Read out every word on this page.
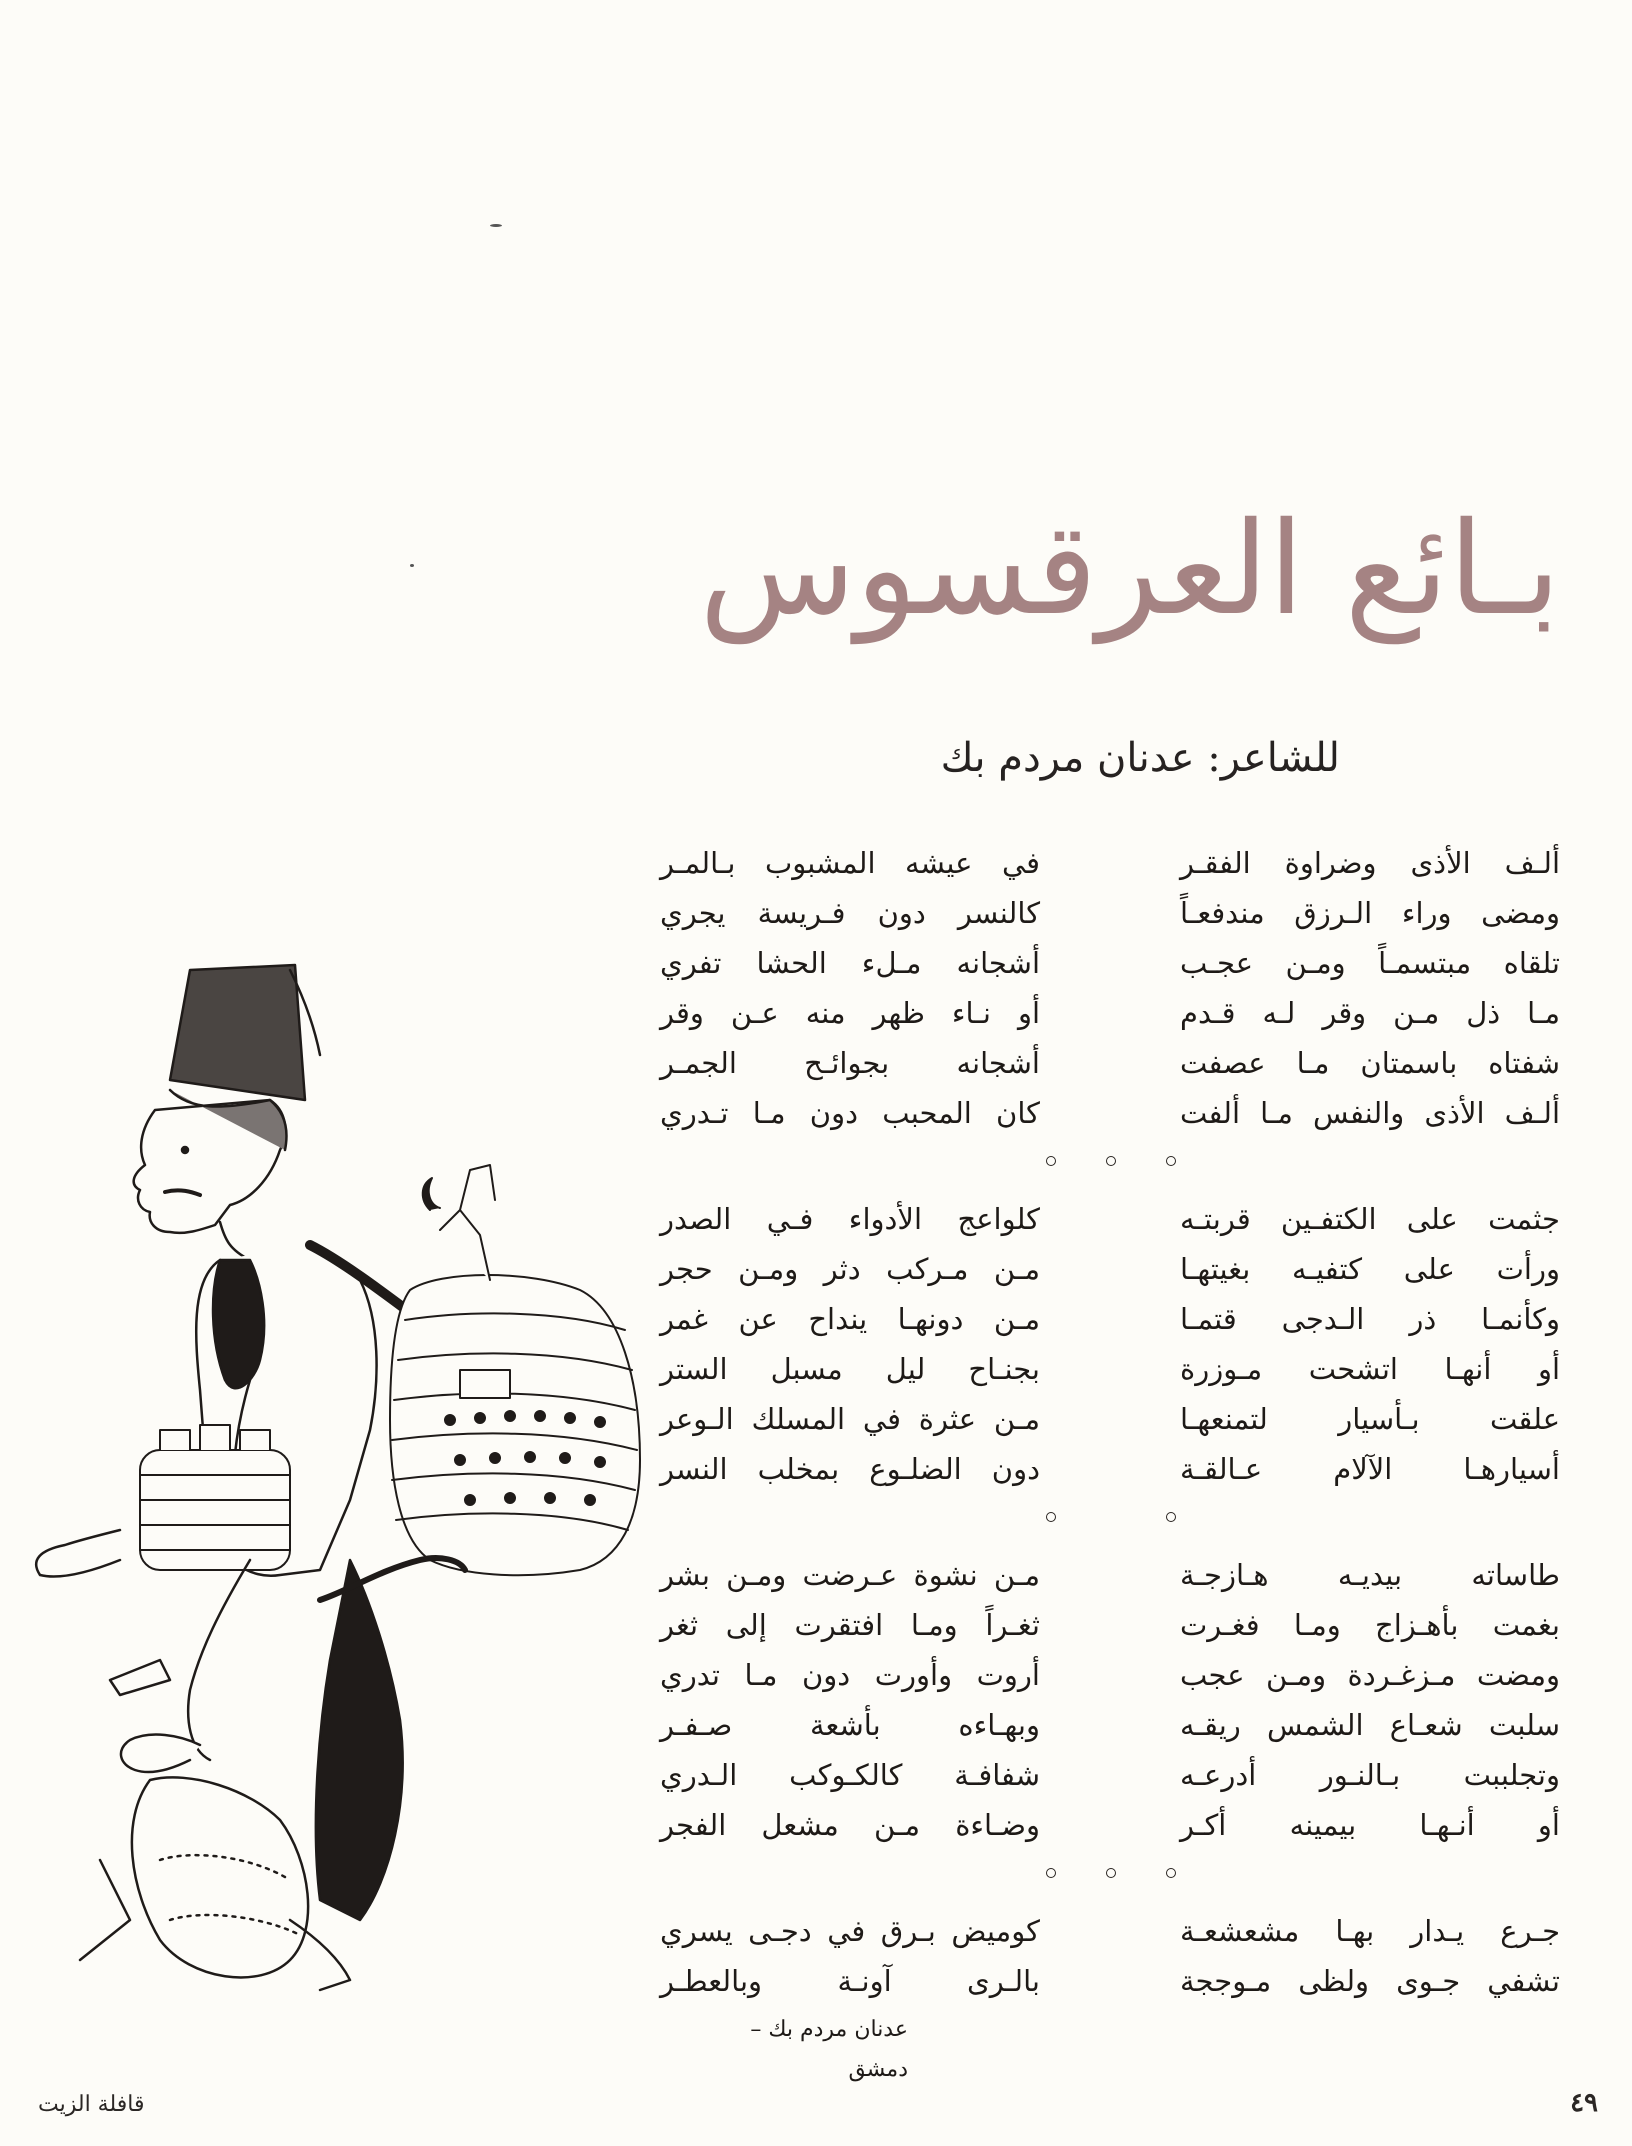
بـائع العرقسوس
للشاعر: عدنان مردم بك
ألـف الأذى وضراوة الفقـر
في عيشه المشبوب بـالمـر
ومضى وراء الـرزق مندفعـاً
كالنسر دون فـريسة يجري
تلقاه مبتسمـاً ومـن عجـب
أشجانه مـلء الحشا تفري
مـا ذل مـن وقر لـه قـدم
أو نـاء ظهر منه عـن وقر
شفتاه باسمتان مـا عصفت
أشجانه بجوائـح الجمـر
ألـف الأذى والنفس مـا ألفت
كان المحبب دون مـا تـدري
جثمت على الكتفـين قربتـه
كلواعج الأدواء فـي الصدر
ورأت على كتفيـه بغيتهـا
مـن مـركب دثر ومـن حجر
وكأنمـا ذر الـدجى قتمـا
مـن دونهـا ينداح عن غمر
أو أنهـا اتشحت مـوزرة
بجنـاح ليل مسبل الستر
علقت بـأسيار لتمنعهـا
مـن عثرة في المسلك الـوعر
أسيارهـا الآلام عـالقـة
دون الضلـوع بمخلب النسر
طاساته بيديـه هـازجـة
مـن نشوة عـرضت ومـن بشر
بغمت بأهـزاج ومـا فغـرت
ثغـراً ومـا افتقرت إلى ثغر
ومضت مـزغـردة ومـن عجب
أروت وأورت دون مـا تدري
سلبت شعـاع الشمس ريقـه
وبهـاءه بأشعة صـفـر
وتجلببت بـالنـور أدرعـه
شفافـة كالكـوكب الـدري
أو أنـهـا بيمينه أكـر
وضـاءة مـن مشعل الفجر
جـرع يـدار بهـا مشعشعـة
كوميض بـرق في دجـى يسري
تشفي جـوى ولظى مـوججة
بالـرى آونـة وبالعطـر
عدنان مردم بك – دمشق
قافلة الزيت	٤٩
